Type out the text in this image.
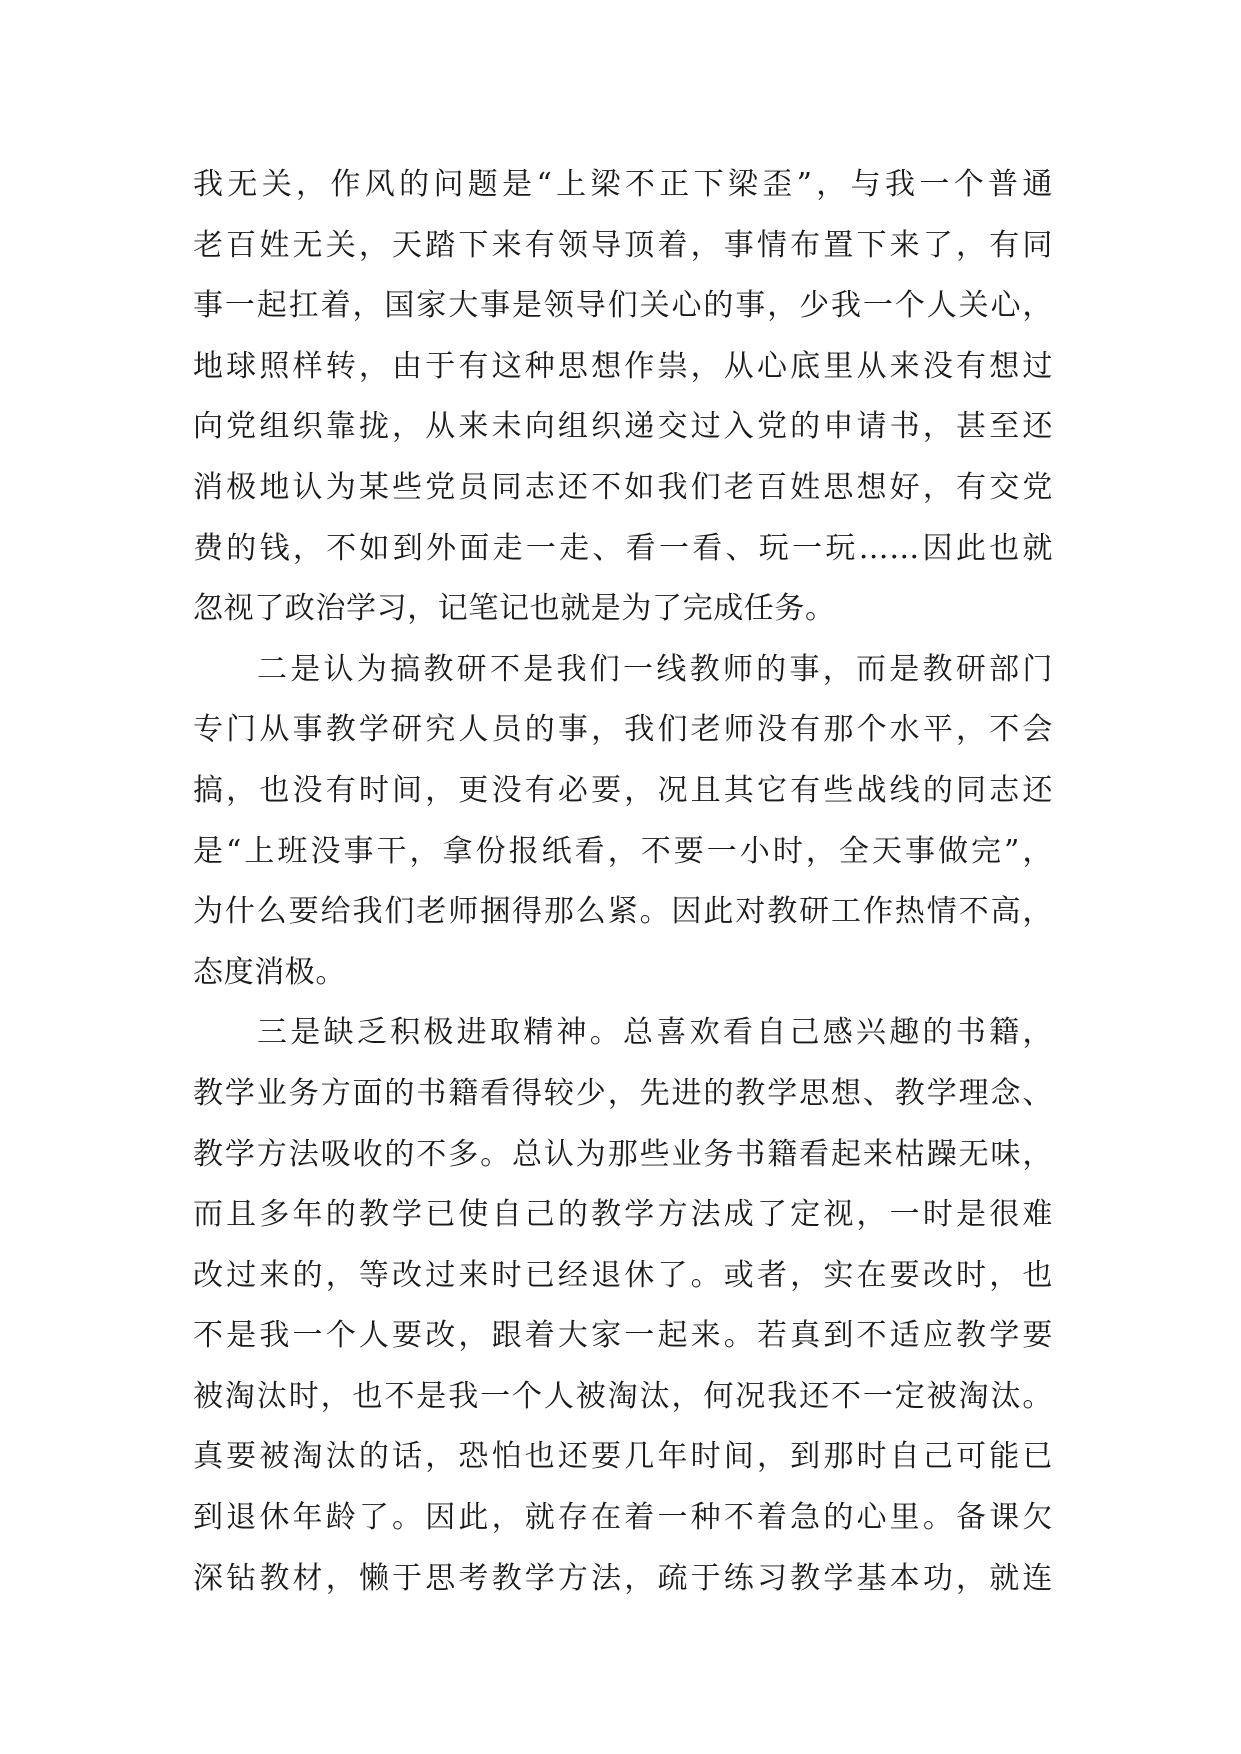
我无关，作风的问题是“上梁不正下梁歪”，与我一个普通
老百姓无关，天踏下来有领导顶着，事情布置下来了，有同
事一起扛着，国家大事是领导们关心的事，少我一个人关心，
地球照样转，由于有这种思想作祟，从心底里从来没有想过
向党组织靠拢，从来未向组织递交过入党的申请书，甚至还
消极地认为某些党员同志还不如我们老百姓思想好，有交党
费的钱，不如到外面走一走、看一看、玩一玩……因此也就
忽视了政治学习，记笔记也就是为了完成任务。
二是认为搞教研不是我们一线教师的事，而是教研部门
专门从事教学研究人员的事，我们老师没有那个水平，不会
搞，也没有时间，更没有必要，况且其它有些战线的同志还
是“上班没事干，拿份报纸看，不要一小时，全天事做完”，
为什么要给我们老师捆得那么紧。因此对教研工作热情不高，
态度消极。
三是缺乏积极进取精神。总喜欢看自己感兴趣的书籍，
教学业务方面的书籍看得较少，先进的教学思想、教学理念、
教学方法吸收的不多。总认为那些业务书籍看起来枯躁无味，
而且多年的教学已使自己的教学方法成了定视，一时是很难
改过来的，等改过来时已经退休了。或者，实在要改时，也
不是我一个人要改，跟着大家一起来。若真到不适应教学要
被淘汰时，也不是我一个人被淘汰，何况我还不一定被淘汰。
真要被淘汰的话，恐怕也还要几年时间，到那时自己可能已
到退休年龄了。因此，就存在着一种不着急的心里。备课欠
深钻教材，懒于思考教学方法，疏于练习教学基本功，就连
